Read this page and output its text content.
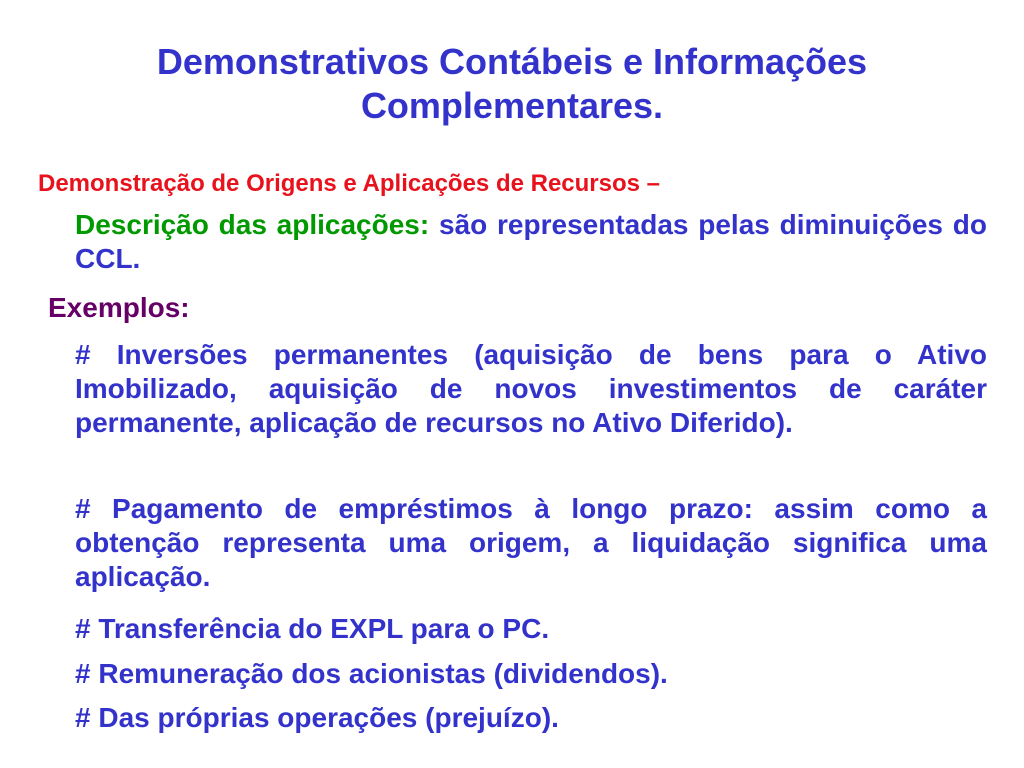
Demonstrativos Contábeis e Informações
Complementares.

Demonstração de Origens e Aplicações de Recursos –

Descrição das aplicações: são representadas pelas diminuições do CCL.

Exemplos:

# Inversões permanentes (aquisição de bens para o Ativo Imobilizado, aquisição de novos investimentos de caráter permanente, aplicação de recursos no Ativo Diferido).

# Pagamento de empréstimos à longo prazo: assim como a obtenção representa uma origem, a liquidação significa uma aplicação.

# Transferência do EXPL para o PC.

# Remuneração dos acionistas (dividendos).

# Das próprias operações (prejuízo).
